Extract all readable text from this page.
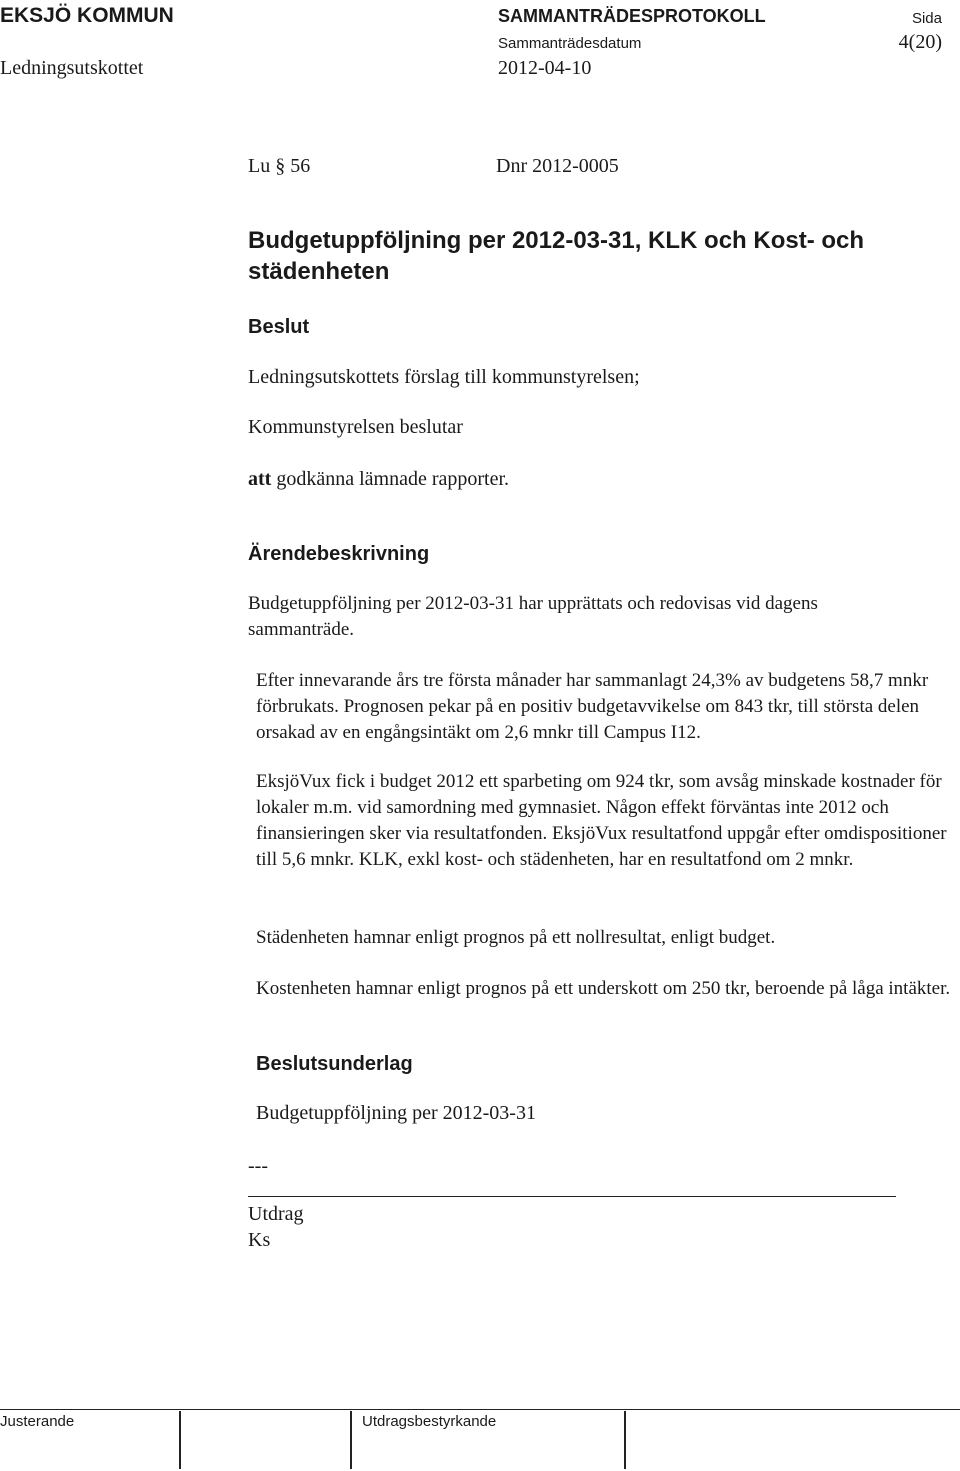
EKSJÖ KOMMUN	SAMMANTRÄDESPROTOKOLL	Sida
Sammanträdesdatum	4(20)
Ledningsutskottet	2012-04-10
Lu § 56	Dnr 2012-0005
Budgetuppföljning per 2012-03-31, KLK och Kost- och städenheten
Beslut
Ledningsutskottets förslag till kommunstyrelsen;
Kommunstyrelsen beslutar
att godkänna lämnade rapporter.
Ärendebeskrivning
Budgetuppföljning per 2012-03-31 har upprättats och redovisas vid dagens sammanträde.
Efter innevarande års tre första månader har sammanlagt 24,3% av budgetens 58,7 mnkr förbrukats. Prognosen pekar på en positiv budgetavvikelse om 843 tkr, till största delen orsakad av en engångsintäkt om 2,6 mnkr till Campus I12.
EksjöVux fick i budget 2012 ett sparbeting om 924 tkr, som avsåg minskade kostnader för lokaler m.m. vid samordning med gymnasiet. Någon effekt förväntas inte 2012 och finansieringen sker via resultatfonden. EksjöVux resultatfond uppgår efter omdispositioner till 5,6 mnkr. KLK, exkl kost- och städenheten, har en resultatfond om 2 mnkr.
Städenheten hamnar enligt prognos på ett nollresultat, enligt budget.
Kostenheten hamnar enligt prognos på ett underskott om 250 tkr, beroende på låga intäkter.
Beslutsunderlag
Budgetuppföljning per 2012-03-31
---
Utdrag
Ks
Justerande	Utdragsbestyrkande
